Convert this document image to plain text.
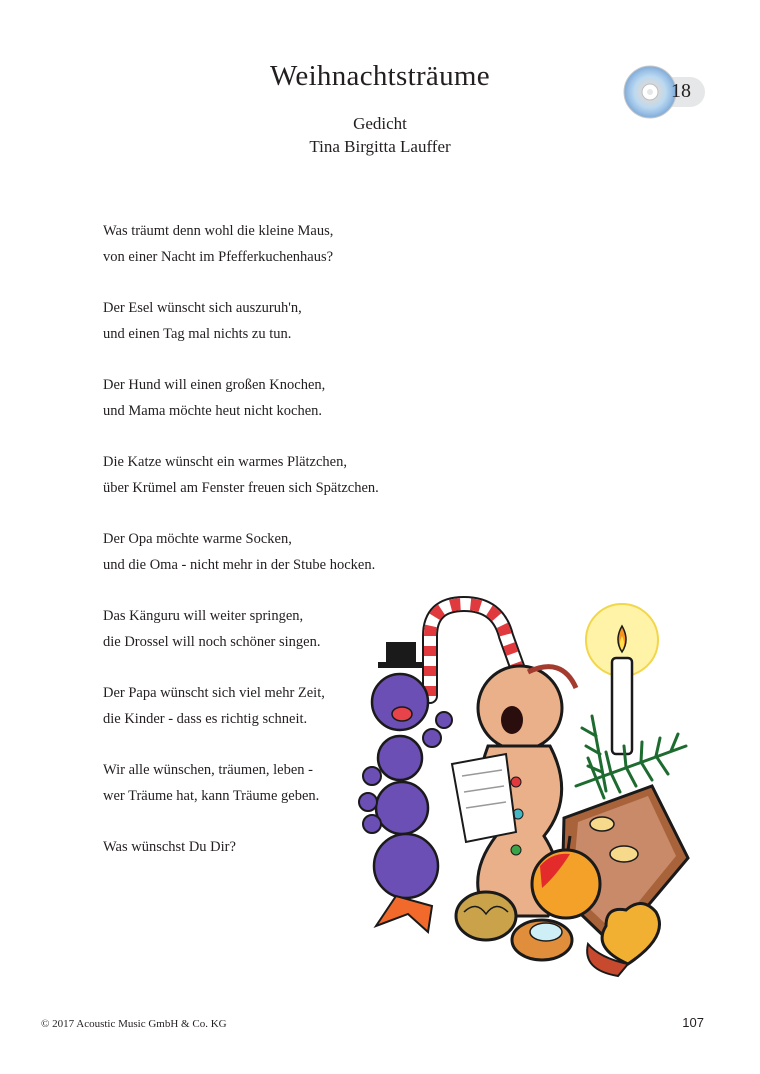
Weihnachtsträume
Gedicht
Tina Birgitta Lauffer
18
Was träumt denn wohl die kleine Maus,
von einer Nacht im Pfefferkuchenhaus?
Der Esel wünscht sich auszuruh'n,
und einen Tag mal nichts zu tun.
Der Hund will einen großen Knochen,
und Mama möchte heut nicht kochen.
Die Katze wünscht ein warmes Plätzchen,
über Krümel am Fenster freuen sich Spätzchen.
Der Opa möchte warme Socken,
und die Oma - nicht mehr in der Stube hocken.
Das Känguru will weiter springen,
die Drossel will noch schöner singen.
Der Papa wünscht sich viel mehr Zeit,
die Kinder - dass es richtig schneit.
Wir alle wünschen, träumen, leben -
wer Träume hat, kann Träume geben.
Was wünschst Du Dir?
© 2017 Acoustic Music GmbH & Co. KG	107
